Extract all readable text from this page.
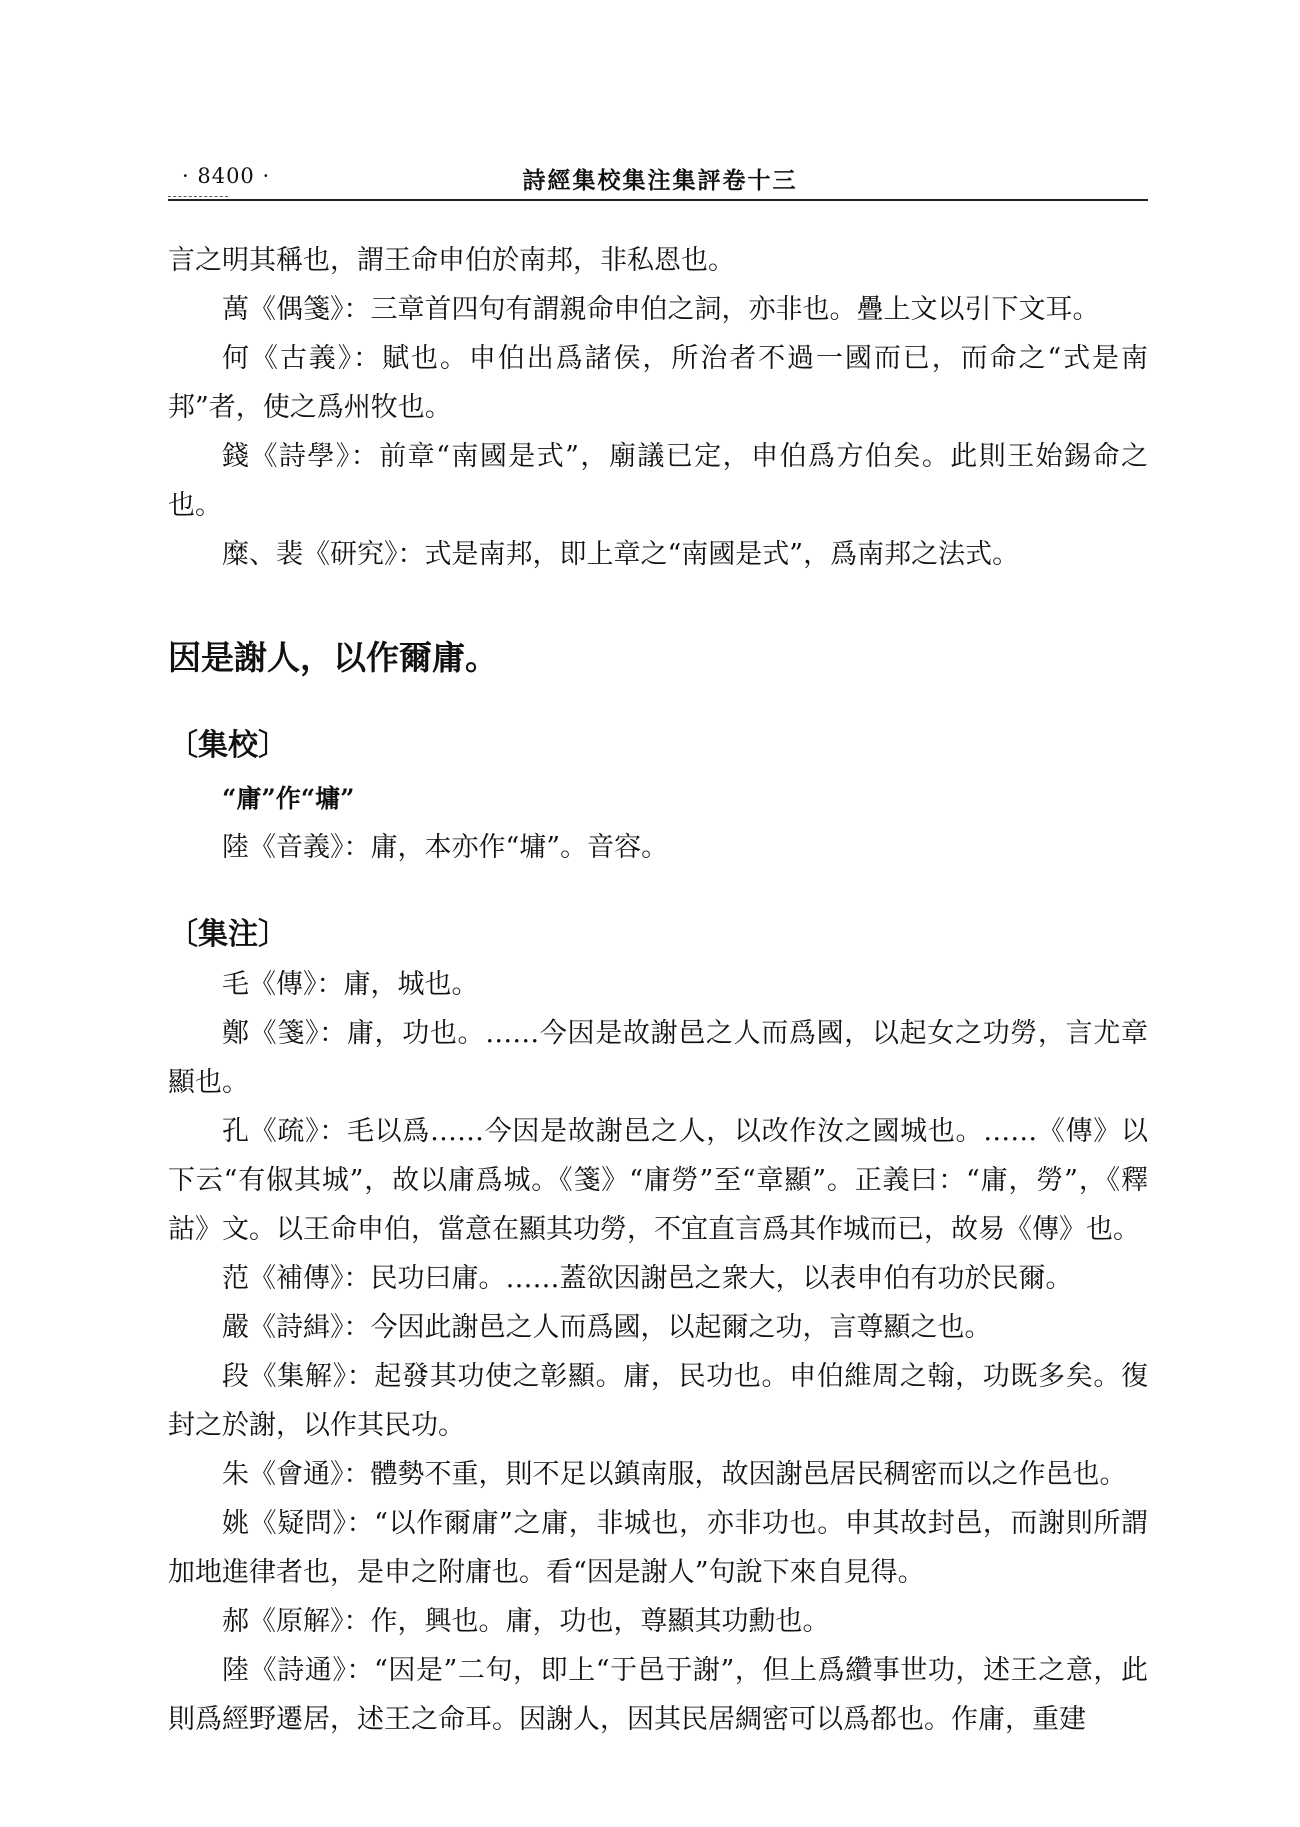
· 8400 ·	詩經集校集注集評卷十三

言之明其稱也，謂王命申伯於南邦，非私恩也。

萬《偶箋》：三章首四句有謂親命申伯之詞，亦非也。疊上文以引下文耳。

何《古義》：賦也。申伯出爲諸侯，所治者不過一國而已，而命之“式是南邦”者，使之爲州牧也。

錢《詩學》：前章“南國是式”，廟議已定，申伯爲方伯矣。此則王始錫命之也。

糜、裴《研究》：式是南邦，即上章之“南國是式”，爲南邦之法式。

因是謝人，以作爾庸。
〔集校〕
“庸”作“墉”

陸《音義》：庸，本亦作“墉”。音容。

〔集注〕

毛《傳》：庸，城也。

鄭《箋》：庸，功也。……今因是故謝邑之人而爲國，以起女之功勞，言尤章顯也。

孔《疏》：毛以爲……今因是故謝邑之人，以改作汝之國城也。……《傳》以下云“有俶其城”，故以庸爲城。《箋》“庸勞”至“章顯”。正義曰：“庸，勞”，《釋詁》文。以王命申伯，當意在顯其功勞，不宜直言爲其作城而已，故易《傳》也。

范《補傳》：民功曰庸。……蓋欲因謝邑之衆大，以表申伯有功於民爾。

嚴《詩緝》：今因此謝邑之人而爲國，以起爾之功，言尊顯之也。

段《集解》：起發其功使之彰顯。庸，民功也。申伯維周之翰，功既多矣。復封之於謝，以作其民功。

朱《會通》：體勢不重，則不足以鎮南服，故因謝邑居民稠密而以之作邑也。

姚《疑問》：“以作爾庸”之庸，非城也，亦非功也。申其故封邑，而謝則所謂加地進律者也，是申之附庸也。看“因是謝人”句說下來自見得。

郝《原解》：作，興也。庸，功也，尊顯其功勳也。

陸《詩通》：“因是”二句，即上“于邑于謝”，但上爲纘事世功，述王之意，此則爲經野遷居，述王之命耳。因謝人，因其民居綢密可以爲都也。作庸，重建
